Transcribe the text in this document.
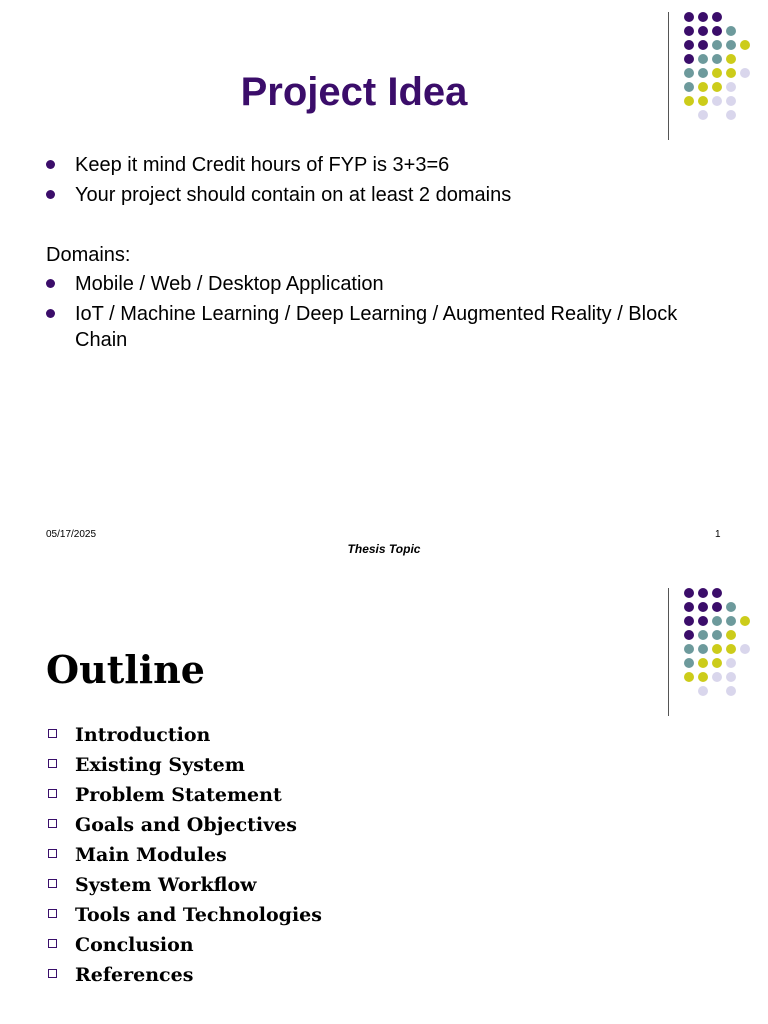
Project Idea
Keep it mind Credit hours of FYP is 3+3=6
Your project should contain on at least 2 domains
Domains:
Mobile / Web / Desktop Application
IoT / Machine Learning / Deep Learning / Augmented Reality / Block Chain
05/17/2025	1
Thesis Topic
Outline
Introduction
Existing System
Problem Statement
Goals and Objectives
Main Modules
System Workflow
Tools and Technologies
Conclusion
References
